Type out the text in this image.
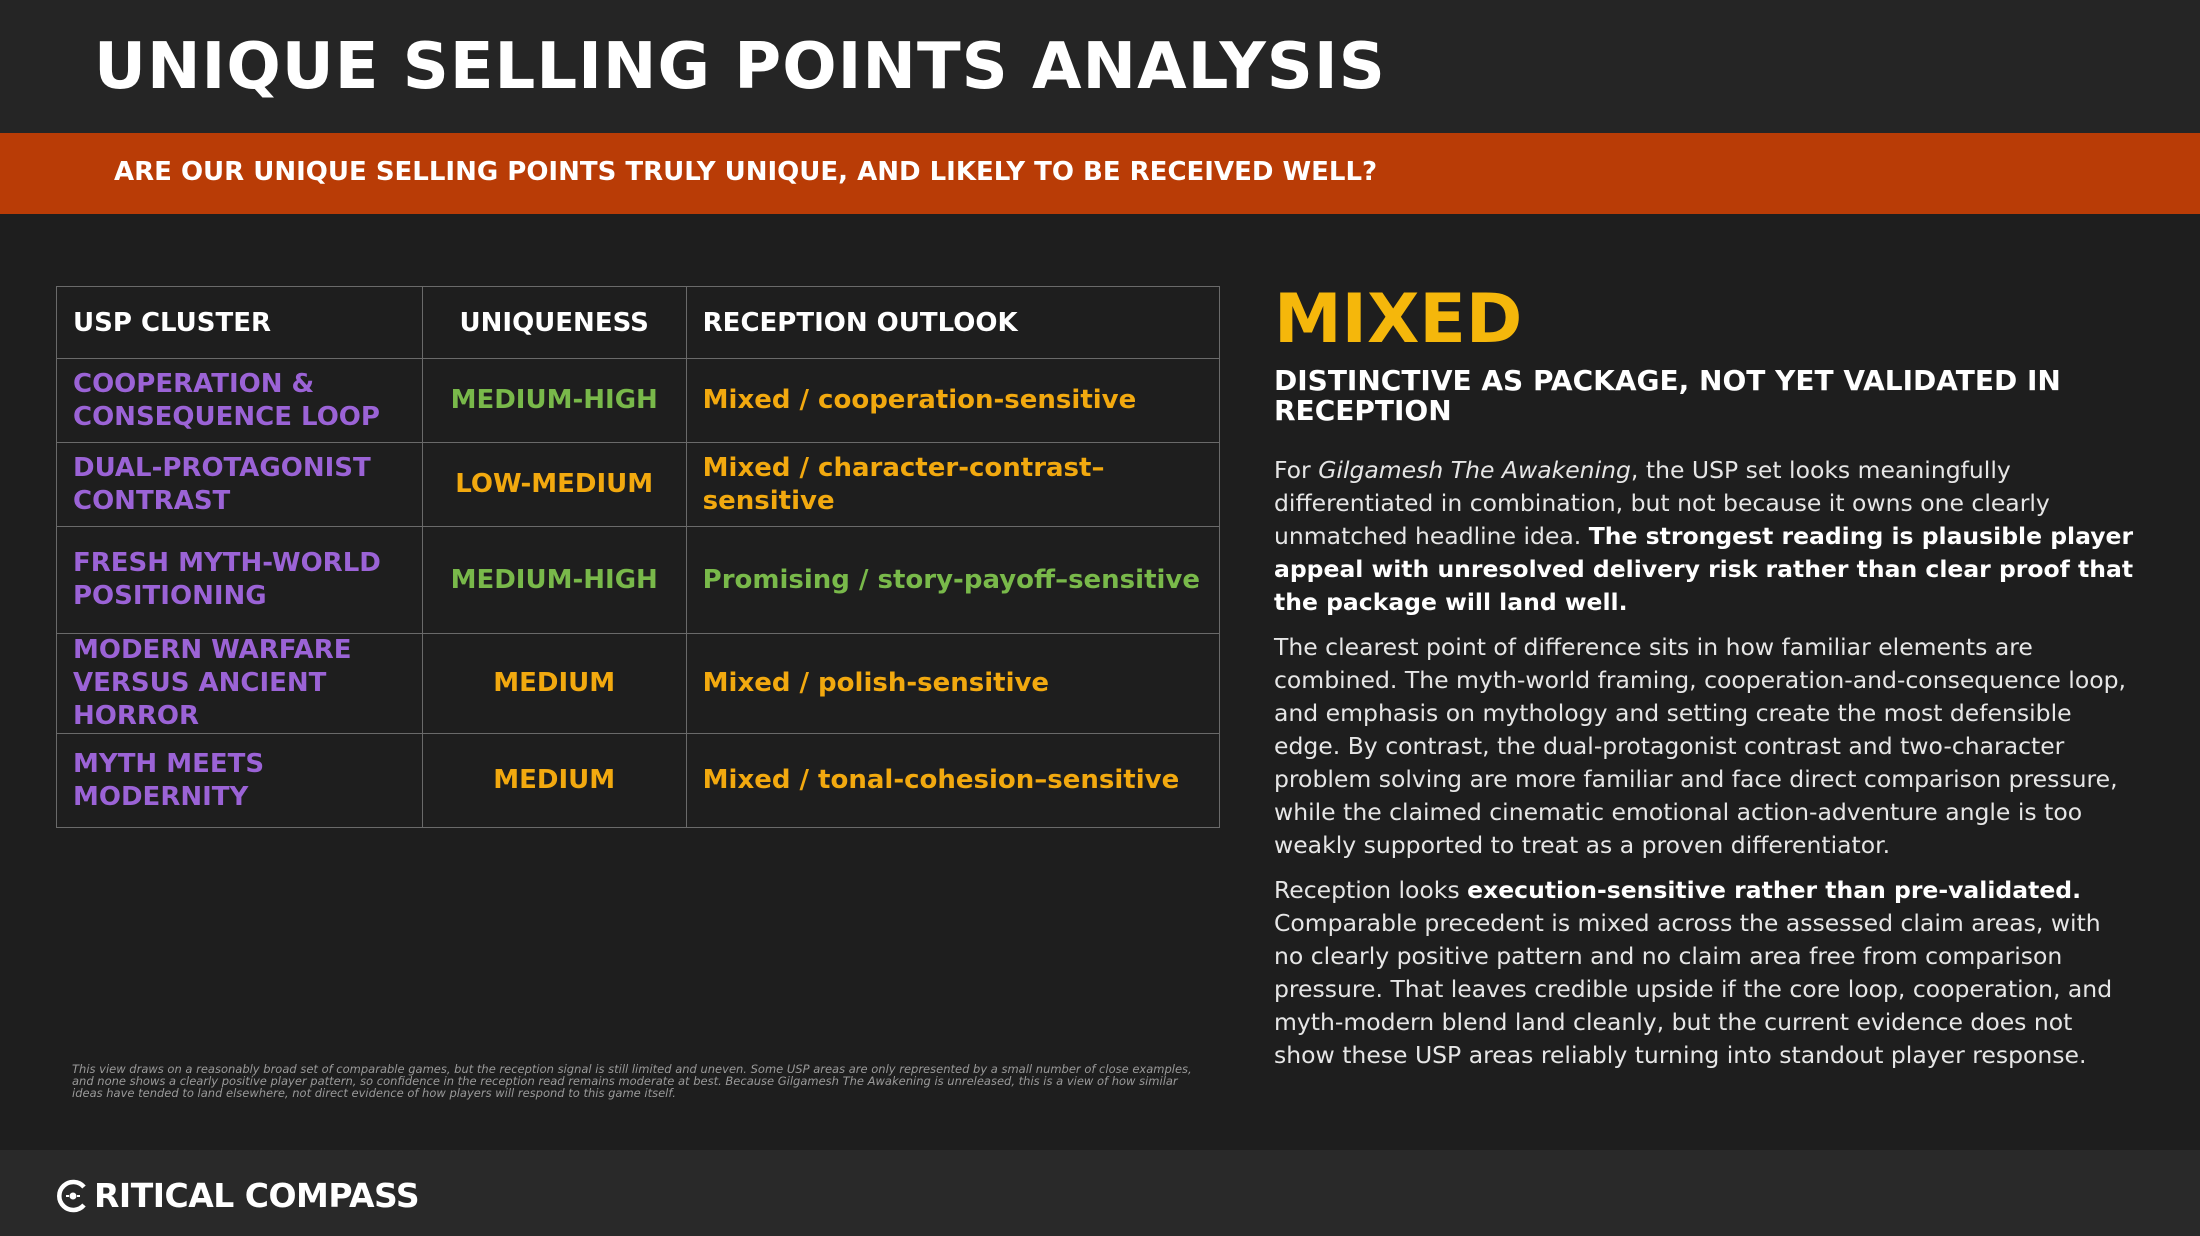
UNIQUE SELLING POINTS ANALYSIS
ARE OUR UNIQUE SELLING POINTS TRULY UNIQUE, AND LIKELY TO BE RECEIVED WELL?
USP CLUSTER	UNIQUENESS	RECEPTION OUTLOOK
COOPERATION & CONSEQUENCE LOOP	MEDIUM-HIGH	Mixed / cooperation-sensitive
DUAL-PROTAGONIST CONTRAST	LOW-MEDIUM	Mixed / character-contrast–sensitive
FRESH MYTH-WORLD POSITIONING	MEDIUM-HIGH	Promising / story-payoff–sensitive
MODERN WARFARE VERSUS ANCIENT HORROR	MEDIUM	Mixed / polish-sensitive
MYTH MEETS MODERNITY	MEDIUM	Mixed / tonal-cohesion–sensitive
This view draws on a reasonably broad set of comparable games, but the reception signal is still limited and uneven. Some USP areas are only represented by a small number of close examples, and none shows a clearly positive player pattern, so confidence in the reception read remains moderate at best. Because Gilgamesh The Awakening is unreleased, this is a view of how similar ideas have tended to land elsewhere, not direct evidence of how players will respond to this game itself.
MIXED
DISTINCTIVE AS PACKAGE, NOT YET VALIDATED IN RECEPTION

For Gilgamesh The Awakening, the USP set looks meaningfully differentiated in combination, but not because it owns one clearly unmatched headline idea. The strongest reading is plausible player appeal with unresolved delivery risk rather than clear proof that the package will land well.

The clearest point of difference sits in how familiar elements are combined. The myth-world framing, cooperation-and-consequence loop, and emphasis on mythology and setting create the most defensible edge. By contrast, the dual-protagonist contrast and two-character problem solving are more familiar and face direct comparison pressure, while the claimed cinematic emotional action-adventure angle is too weakly supported to treat as a proven differentiator.

Reception looks execution-sensitive rather than pre-validated. Comparable precedent is mixed across the assessed claim areas, with no clearly positive pattern and no claim area free from comparison pressure. That leaves credible upside if the core loop, cooperation, and myth-modern blend land cleanly, but the current evidence does not show these USP areas reliably turning into standout player response.

RITICAL COMPASS
